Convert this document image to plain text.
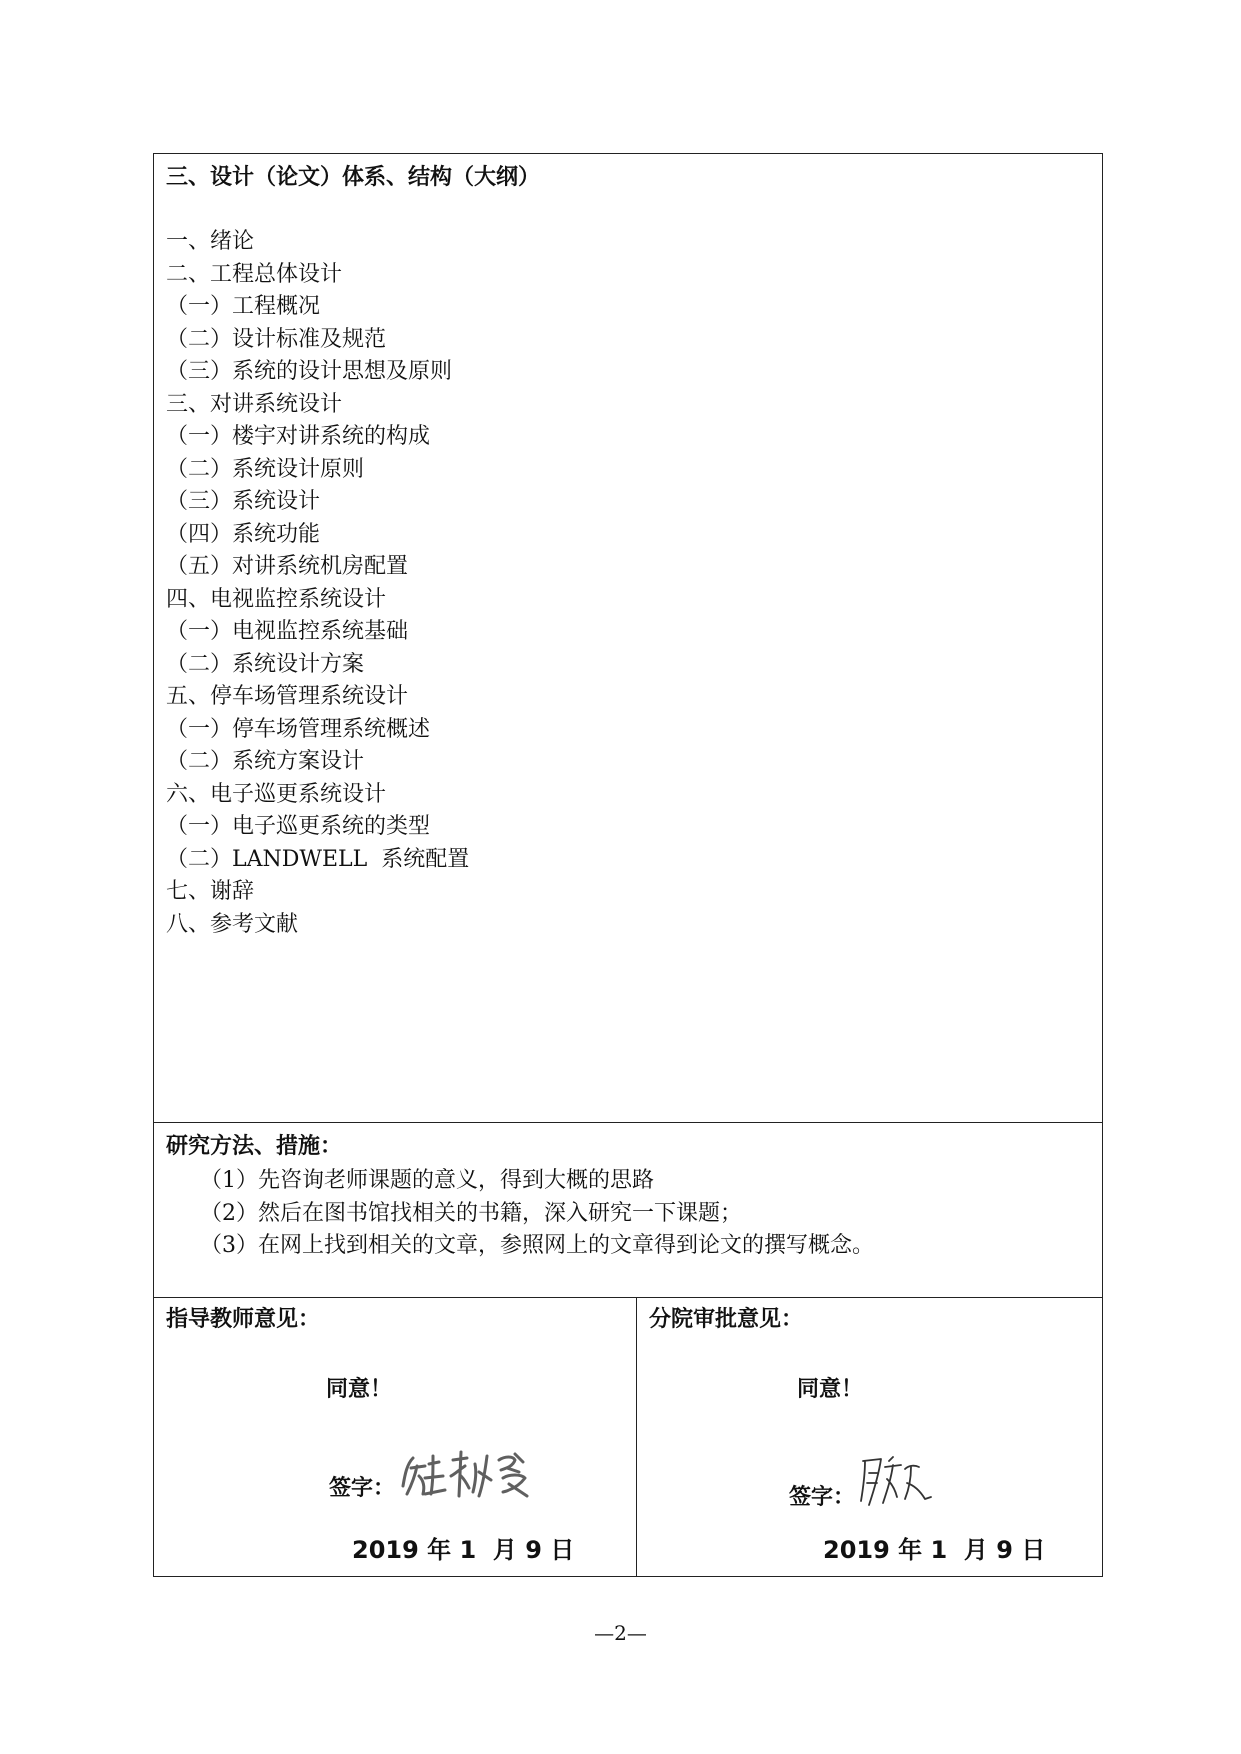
三、设计（论文）体系、结构（大纲）
一、绪论
二、工程总体设计
（一）工程概况
（二）设计标准及规范
（三）系统的设计思想及原则
三、对讲系统设计
（一）楼宇对讲系统的构成
（二）系统设计原则
（三）系统设计
（四）系统功能
（五）对讲系统机房配置
四、电视监控系统设计
（一）电视监控系统基础
（二）系统设计方案
五、停车场管理系统设计
（一）停车场管理系统概述
（二）系统方案设计
六、电子巡更系统设计
（一）电子巡更系统的类型
（二）LANDWELL  系统配置
七、谢辞
八、参考文献
研究方法、措施：
（1）先咨询老师课题的意义，得到大概的思路
（2）然后在图书馆找相关的书籍，深入研究一下课题；
（3）在网上找到相关的文章，参照网上的文章得到论文的撰写概念。
指导教师意见：
同意！
签字：
2019 年 1  月 9 日
分院审批意见：
同意！
签字：
2019 年 1  月 9 日
—2—
